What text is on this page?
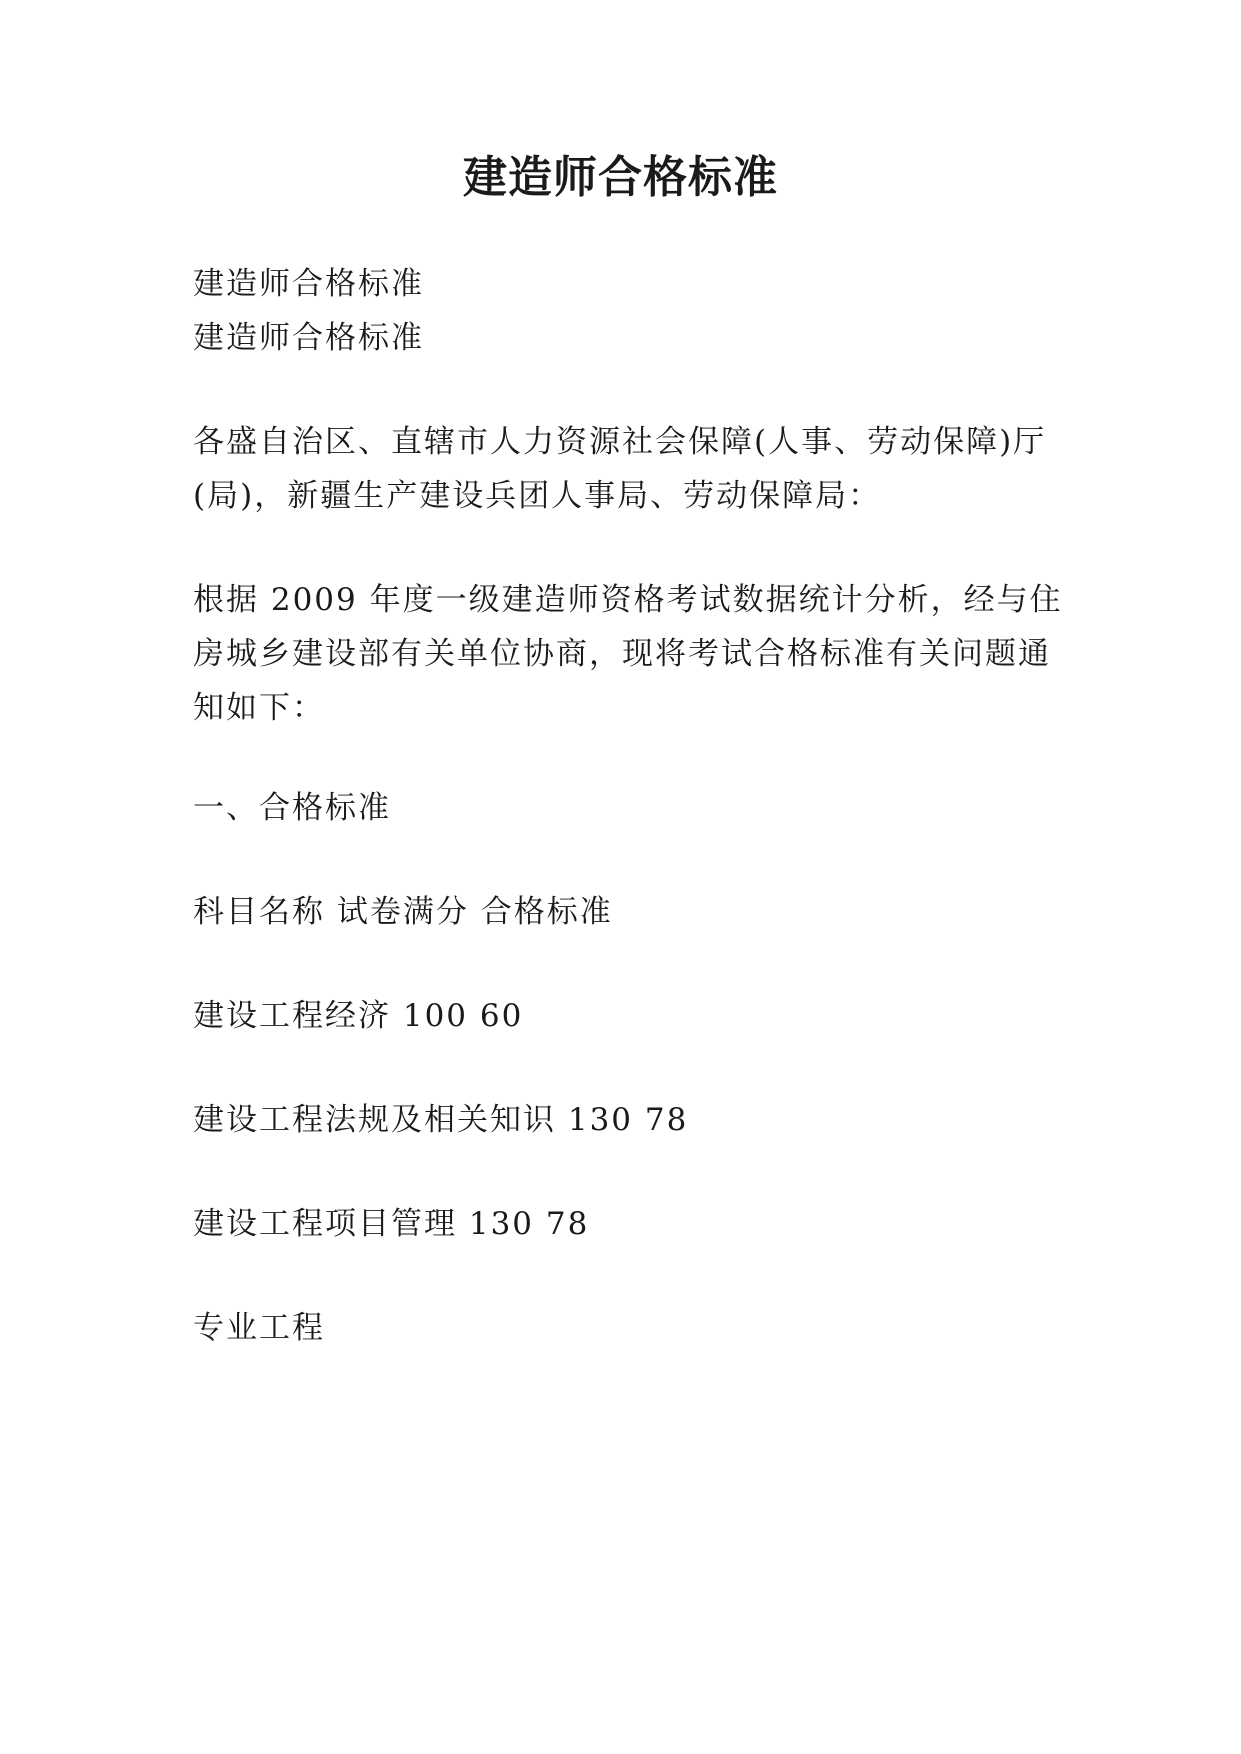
建造师合格标准
建造师合格标准
建造师合格标准
各盛自治区、直辖市人力资源社会保障(人事、劳动保障)厅
(局)，新疆生产建设兵团人事局、劳动保障局：
根据 2009 年度一级建造师资格考试数据统计分析，经与住
房城乡建设部有关单位协商，现将考试合格标准有关问题通
知如下：
一、合格标准
科目名称 试卷满分 合格标准
建设工程经济 100 60
建设工程法规及相关知识 130 78
建设工程项目管理 130 78
专业工程
